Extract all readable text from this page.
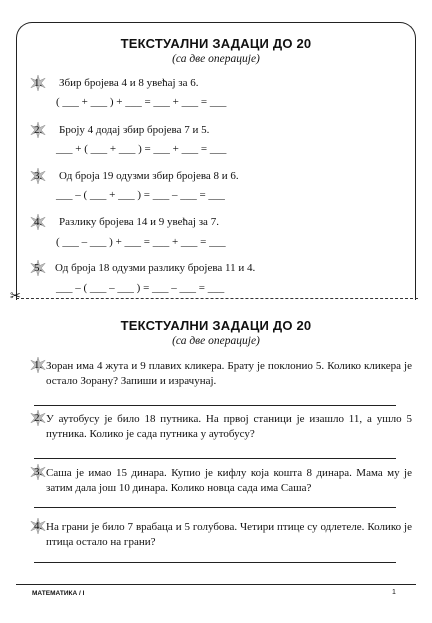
✂
ТЕКСТУАЛНИ ЗАДАЦИ ДО 20
(са две операције)
1. Збир бројева 4 и 8 увећај за 6.
( ___ + ___ ) + ___ = ___ + ___ = ___
2. Броју 4 додај збир бројева 7 и 5.
___ + ( ___ + ___ ) = ___ + ___ = ___
3. Од броја 19 одузми збир бројева 8 и 6.
___ – ( ___ + ___ ) = ___ – ___ = ___
4. Разлику бројева 14 и 9 увећај за 7.
( ___ – ___ ) + ___ = ___ + ___ = ___
5. Од броја 18 одузми разлику бројева 11 и 4.
___ – ( ___ – ___ ) = ___ – ___ = ___
ТЕКСТУАЛНИ ЗАДАЦИ ДО 20
(са две операције)
1. Зоран има 4 жута и 9 плавих кликера. Брату је поклонио 5. Колико кликера је остало Зорану? Запиши и израчунај.
2. У аутобусу је било 18 путника. На првој станици је изашло 11, а ушло 5 путника. Колико је сада путника у аутобусу?
3. Саша је имао 15 динара. Купио је кифлу која кошта 8 динара. Мама му је затим дала још 10 динара. Колико новца сада има Саша?
4. На грани је било 7 врабаца и 5 голубова. Четири птице су одлетеле. Колико је птица остало на грани?
МАТЕМАТИКА / I	1
